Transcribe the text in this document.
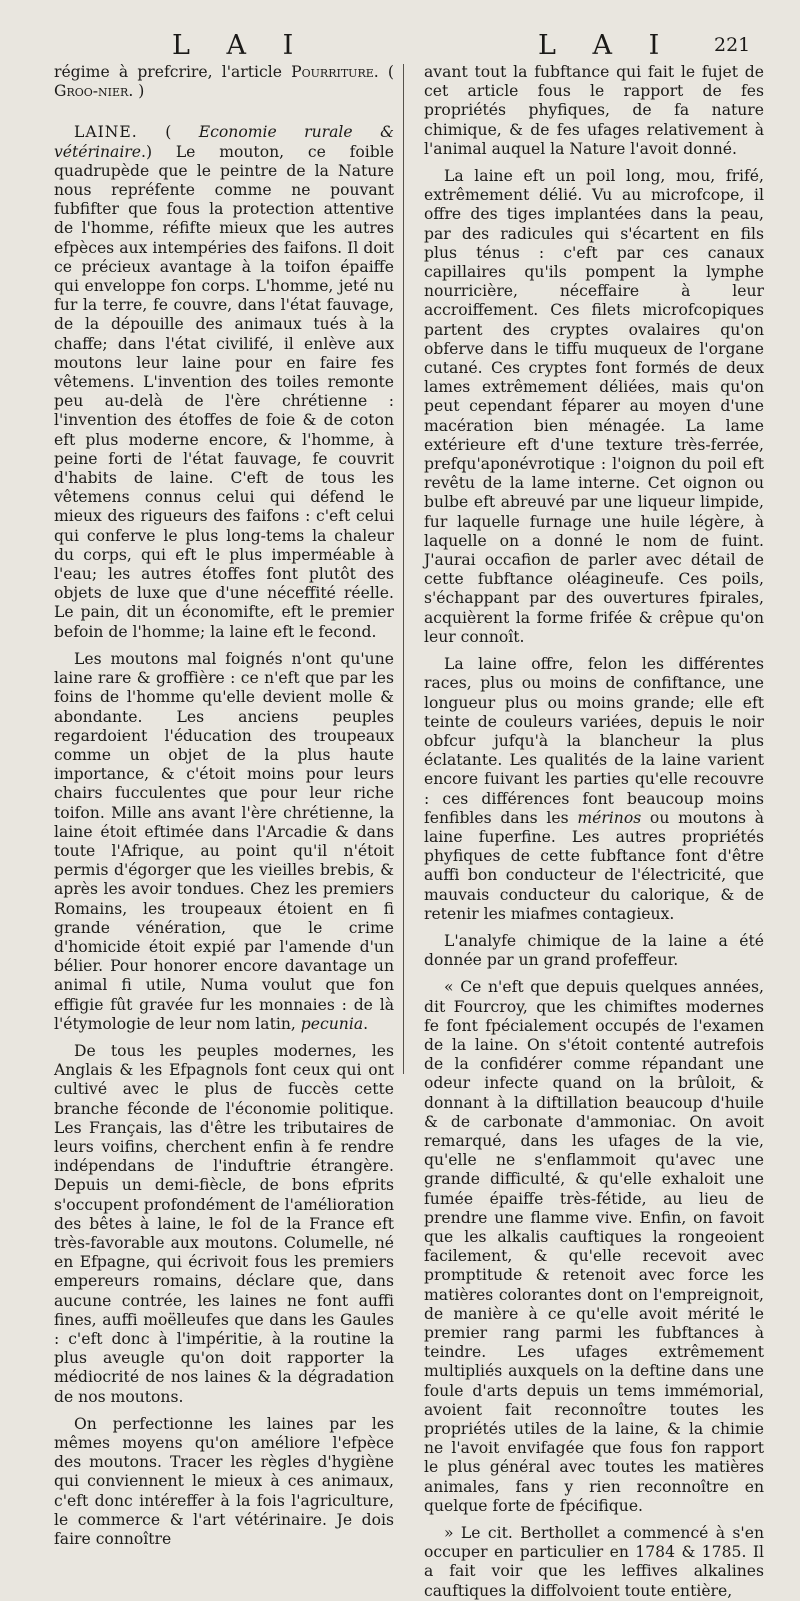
L A I	L A I 221

régime à prefcrire, l'article Pourriture. ( Groo-nier. )

LAINE. ( Economie rurale & vétérinaire.) Le mouton, ce foible quadrupède que le peintre de la Nature nous repréfente comme ne pouvant fubfifter que fous la protection attentive de l'homme, réfifte mieux que les autres efpèces aux intempéries des faifons. Il doit ce précieux avantage à la toifon épaiffe qui enveloppe fon corps. L'homme, jeté nu fur la terre, fe couvre, dans l'état fauvage, de la dépouille des animaux tués à la chaffe; dans l'état civilifé, il enlève aux moutons leur laine pour en faire fes vêtemens. L'invention des toiles remonte peu au-delà de l'ère chrétienne : l'invention des étoffes de foie & de coton eft plus moderne encore, & l'homme, à peine forti de l'état fauvage, fe couvrit d'habits de laine. C'eft de tous les vêtemens connus celui qui défend le mieux des rigueurs des faifons : c'eft celui qui conferve le plus long-tems la chaleur du corps, qui eft le plus imperméable à l'eau; les autres étoffes font plutôt des objets de luxe que d'une néceffité réelle. Le pain, dit un économifte, eft le premier befoin de l'homme; la laine eft le fecond.

Les moutons mal foignés n'ont qu'une laine rare & groffière : ce n'eft que par les foins de l'homme qu'elle devient molle & abondante. Les anciens peuples regardoient l'éducation des troupeaux comme un objet de la plus haute importance, & c'étoit moins pour leurs chairs fucculentes que pour leur riche toifon. Mille ans avant l'ère chrétienne, la laine étoit eftimée dans l'Arcadie & dans toute l'Afrique, au point qu'il n'étoit permis d'égorger que les vieilles brebis, & après les avoir tondues. Chez les premiers Romains, les troupeaux étoient en fi grande vénération, que le crime d'homicide étoit expié par l'amende d'un bélier. Pour honorer encore davantage un animal fi utile, Numa voulut que fon effigie fût gravée fur les monnaies : de là l'étymologie de leur nom latin, pecunia.

De tous les peuples modernes, les Anglais & les Efpagnols font ceux qui ont cultivé avec le plus de fuccès cette branche féconde de l'économie politique. Les Français, las d'être les tributaires de leurs voifins, cherchent enfin à fe rendre indépendans de l'induftrie étrangère. Depuis un demi-fiècle, de bons efprits s'occupent profondément de l'amélioration des bêtes à laine, le fol de la France eft très-favorable aux moutons. Columelle, né en Efpagne, qui écrivoit fous les premiers empereurs romains, déclare que, dans aucune contrée, les laines ne font auffi fines, auffi moëlleufes que dans les Gaules : c'eft donc à l'impéritie, à la routine la plus aveugle qu'on doit rapporter la médiocrité de nos laines & la dégradation de nos moutons.

On perfectionne les laines par les mêmes moyens qu'on améliore l'efpèce des moutons. Tracer les règles d'hygiène qui conviennent le mieux à ces animaux, c'eft donc intéreffer à la fois l'agriculture, le commerce & l'art vétérinaire. Je dois faire connoître

avant tout la fubftance qui fait le fujet de cet article fous le rapport de fes propriétés phyfiques, de fa nature chimique, & de fes ufages relativement à l'animal auquel la Nature l'avoit donné.

La laine eft un poil long, mou, frifé, extrêmement délié. Vu au microfcope, il offre des tiges implantées dans la peau, par des radicules qui s'écartent en fils plus ténus : c'eft par ces canaux capillaires qu'ils pompent la lymphe nourricière, néceffaire à leur accroiffement. Ces filets microfcopiques partent des cryptes ovalaires qu'on obferve dans le tiffu muqueux de l'organe cutané. Ces cryptes font formés de deux lames extrêmement déliées, mais qu'on peut cependant féparer au moyen d'une macération bien ménagée. La lame extérieure eft d'une texture très-ferrée, prefqu'aponévrotique : l'oignon du poil eft revêtu de la lame interne. Cet oignon ou bulbe eft abreuvé par une liqueur limpide, fur laquelle furnage une huile légère, à laquelle on a donné le nom de fuint. J'aurai occafion de parler avec détail de cette fubftance oléagineufe. Ces poils, s'échappant par des ouvertures fpirales, acquièrent la forme frifée & crêpue qu'on leur connoît.

La laine offre, felon les différentes races, plus ou moins de confiftance, une longueur plus ou moins grande; elle eft teinte de couleurs variées, depuis le noir obfcur jufqu'à la blancheur la plus éclatante. Les qualités de la laine varient encore fuivant les parties qu'elle recouvre : ces différences font beaucoup moins fenfibles dans les mérinos ou moutons à laine fuperfine. Les autres propriétés phyfiques de cette fubftance font d'être auffi bon conducteur de l'électricité, que mauvais conducteur du calorique, & de retenir les miafmes contagieux.

L'analyfe chimique de la laine a été donnée par un grand profeffeur.

« Ce n'eft que depuis quelques années, dit Fourcroy, que les chimiftes modernes fe font fpécialement occupés de l'examen de la laine. On s'étoit contenté autrefois de la confidérer comme répandant une odeur infecte quand on la brûloit, & donnant à la diftillation beaucoup d'huile & de carbonate d'ammoniac. On avoit remarqué, dans les ufages de la vie, qu'elle ne s'enflammoit qu'avec une grande difficulté, & qu'elle exhaloit une fumée épaiffe très-fétide, au lieu de prendre une flamme vive. Enfin, on favoit que les alkalis cauftiques la rongeoient facilement, & qu'elle recevoit avec promptitude & retenoit avec force les matières colorantes dont on l'empreignoit, de manière à ce qu'elle avoit mérité le premier rang parmi les fubftances à teindre. Les ufages extrêmement multipliés auxquels on la deftine dans une foule d'arts depuis un tems immémorial, avoient fait reconnoître toutes les propriétés utiles de la laine, & la chimie ne l'avoit envifagée que fous fon rapport le plus général avec toutes les matières animales, fans y rien reconnoître en quelque forte de fpécifique.

» Le cit. Berthollet a commencé à s'en occuper en particulier en 1784 & 1785. Il a fait voir que les leffives alkalines cauftiques la diffolvoient toute entière,
